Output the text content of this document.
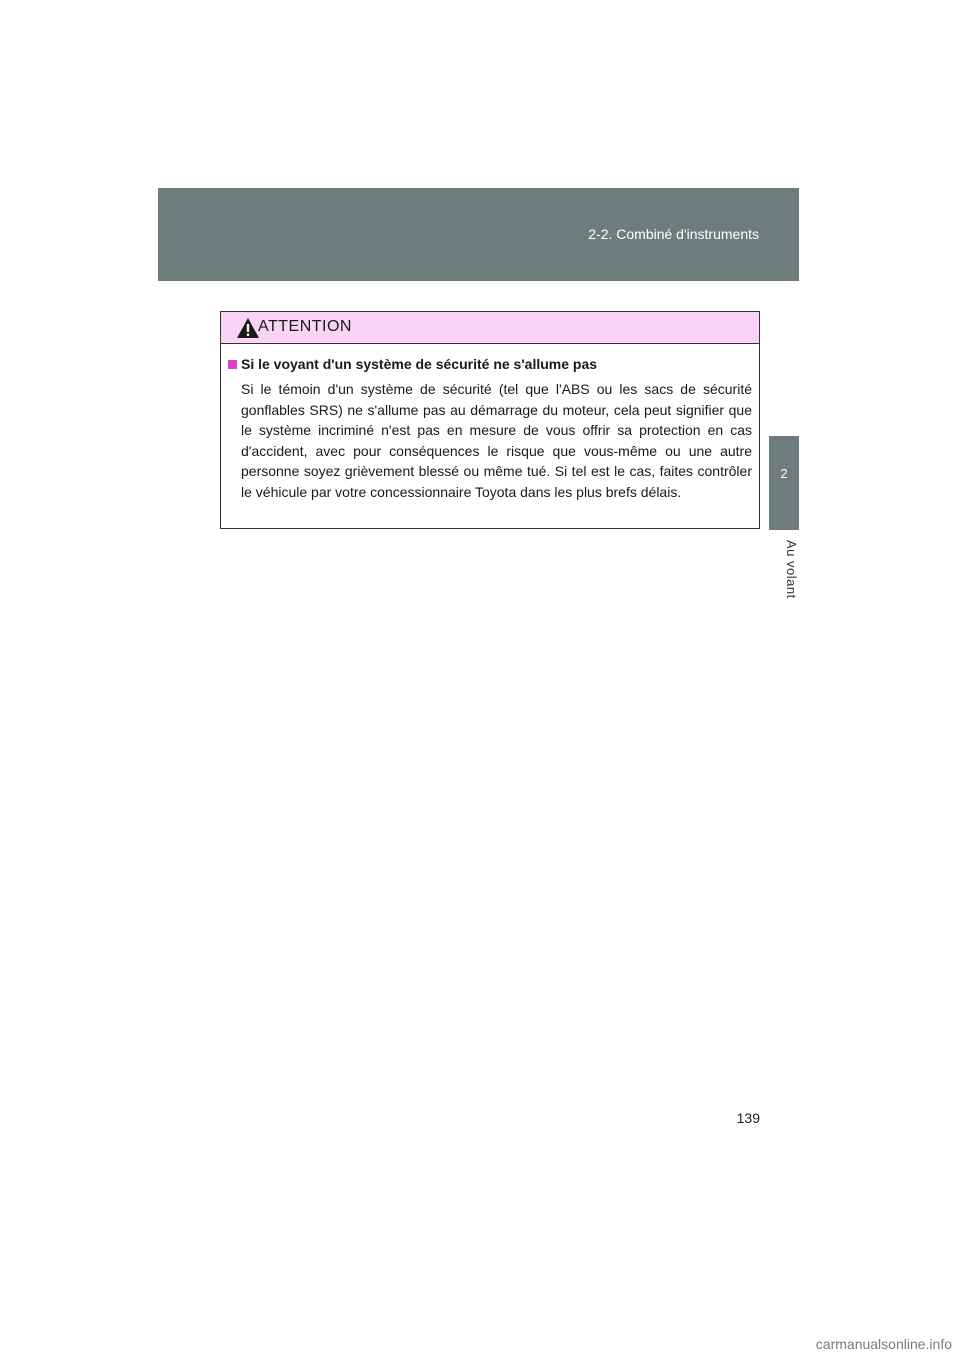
2-2. Combiné d'instruments
2
Au volant
ATTENTION
Si le voyant d'un système de sécurité ne s'allume pas

Si le témoin d'un système de sécurité (tel que l'ABS ou les sacs de sécurité gonflables SRS) ne s'allume pas au démarrage du moteur, cela peut signifier que le système incriminé n'est pas en mesure de vous offrir sa protection en cas d'accident, avec pour conséquences le risque que vous-même ou une autre personne soyez grièvement blessé ou même tué. Si tel est le cas, faites contrôler le véhicule par votre concessionnaire Toyota dans les plus brefs délais.

139
carmanualsonline.info
